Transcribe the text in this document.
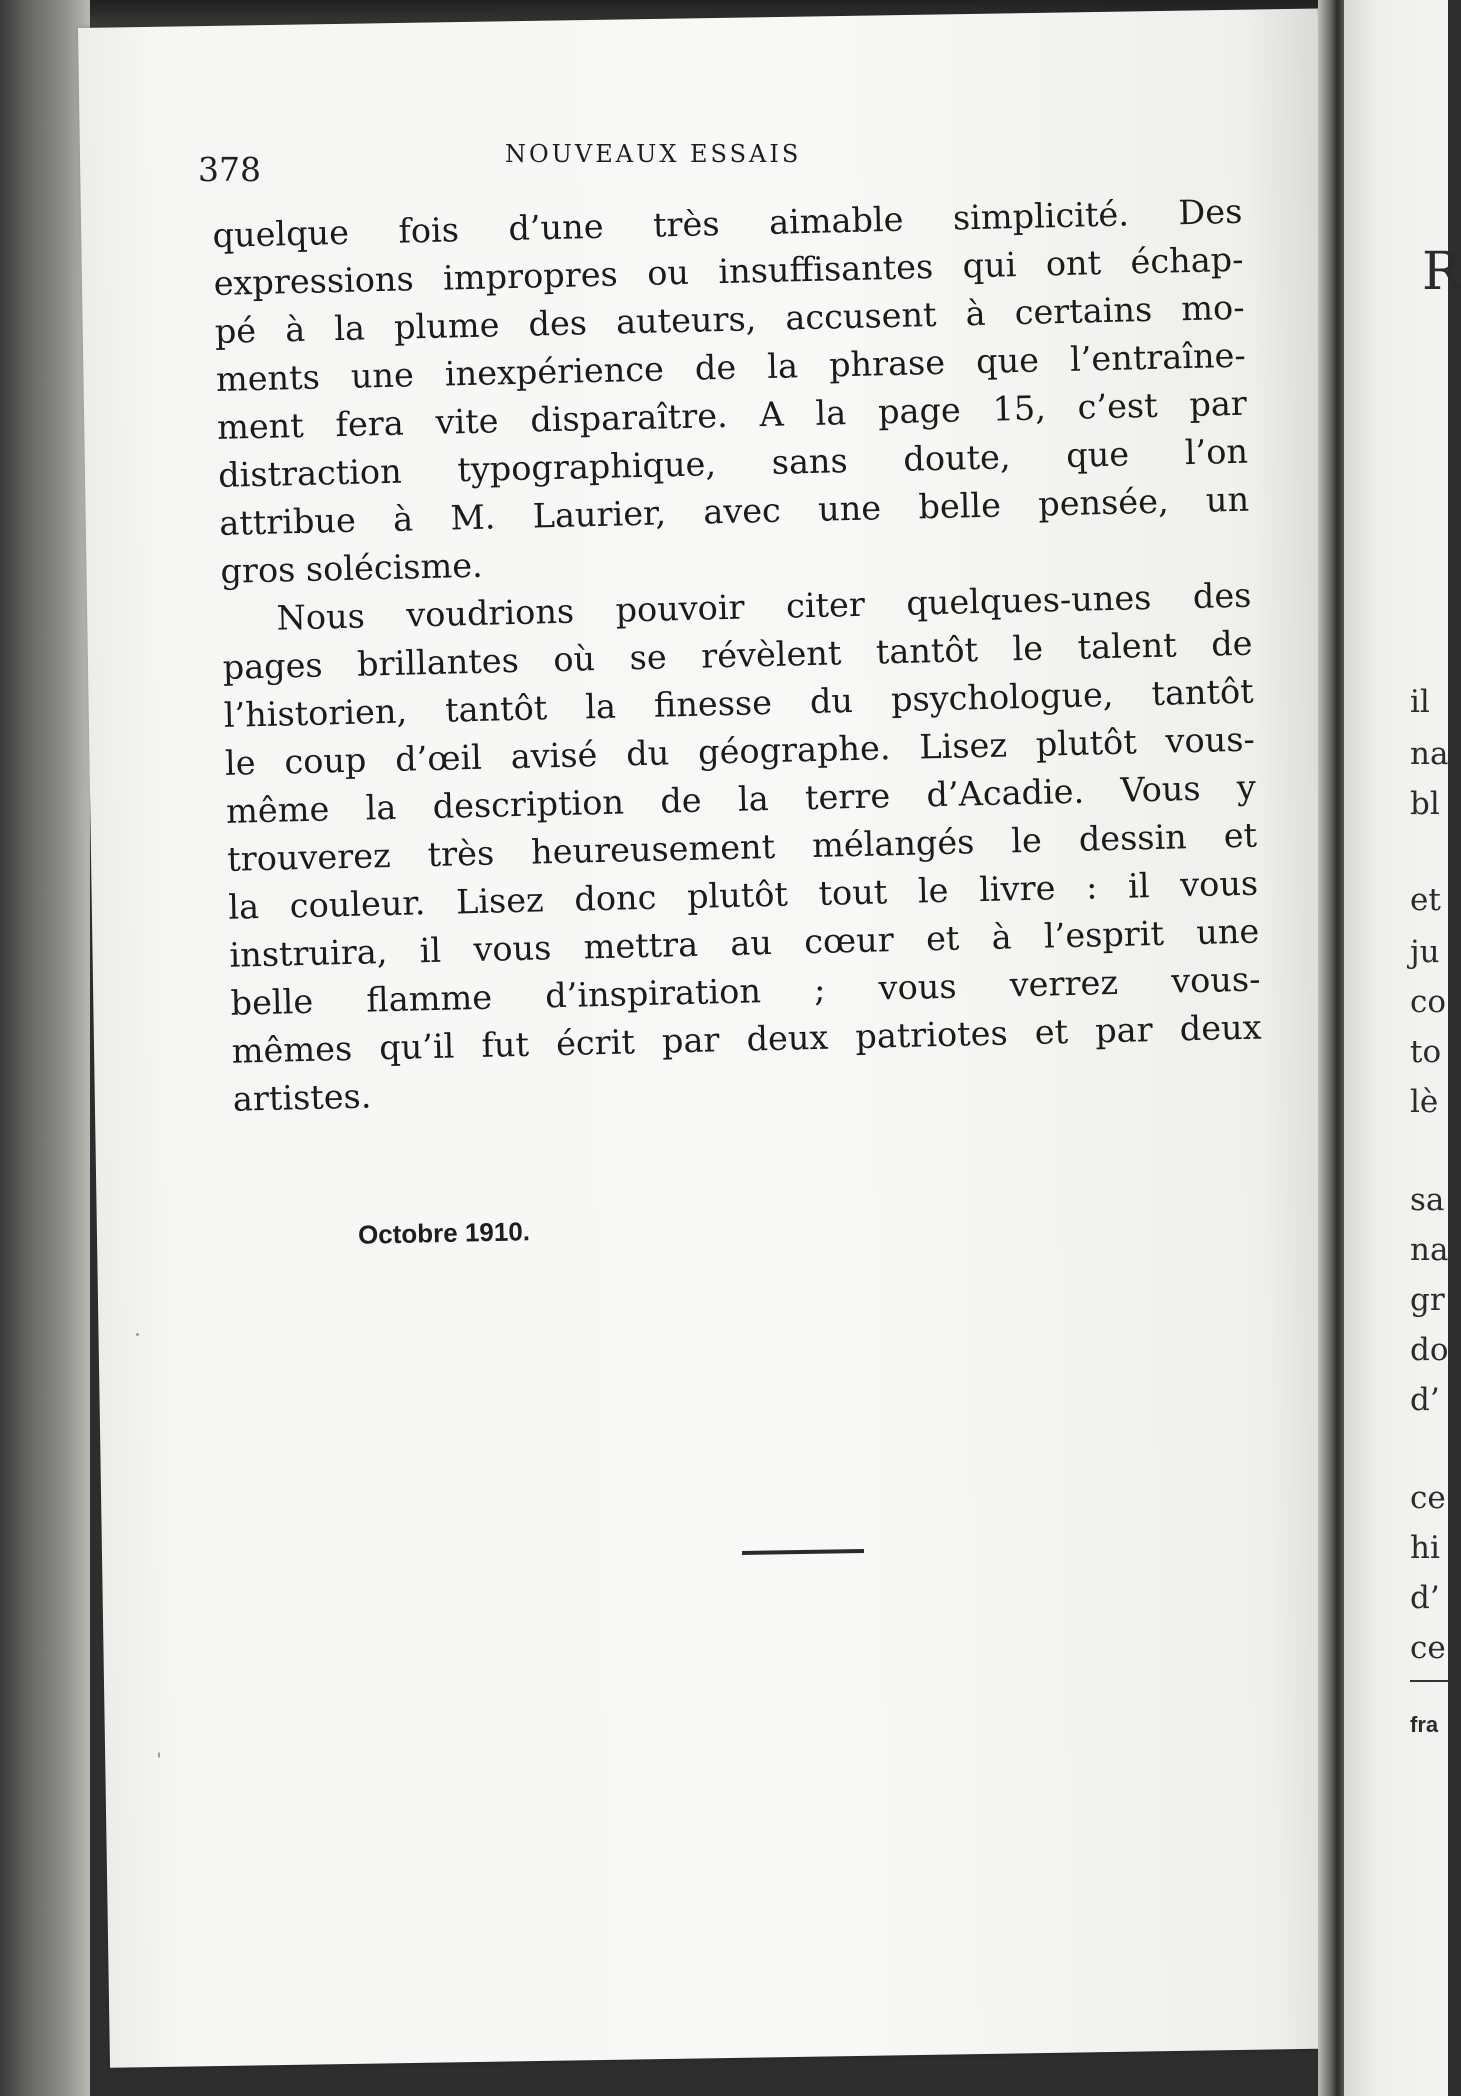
378	NOUVEAUX ESSAIS
quelque fois d’une très aimable simplicité. Des
expressions impropres ou insuffisantes qui ont échap-
pé à la plume des auteurs, accusent à certains mo-
ments une inexpérience de la phrase que l’entraîne-
ment fera vite disparaître. A la page 15, c’est par
distraction typographique, sans doute, que l’on
attribue à M. Laurier, avec une belle pensée, un
gros solécisme.
Nous voudrions pouvoir citer quelques-unes des
pages brillantes où se révèlent tantôt le talent de
l’historien, tantôt la finesse du psychologue, tantôt
le coup d’œil avisé du géographe. Lisez plutôt vous-
même la description de la terre d’Acadie. Vous y
trouverez très heureusement mélangés le dessin et
la couleur. Lisez donc plutôt tout le livre : il vous
instruira, il vous mettra au cœur et à l’esprit une
belle flamme d’inspiration ; vous verrez vous-
mêmes qu’il fut écrit par deux patriotes et par deux
artistes.
Octobre 1910.
R
fra
il
na
bl
et
ju
co
to
lè
sa
na
gr
do
d’
ce
hi
d’
ce
